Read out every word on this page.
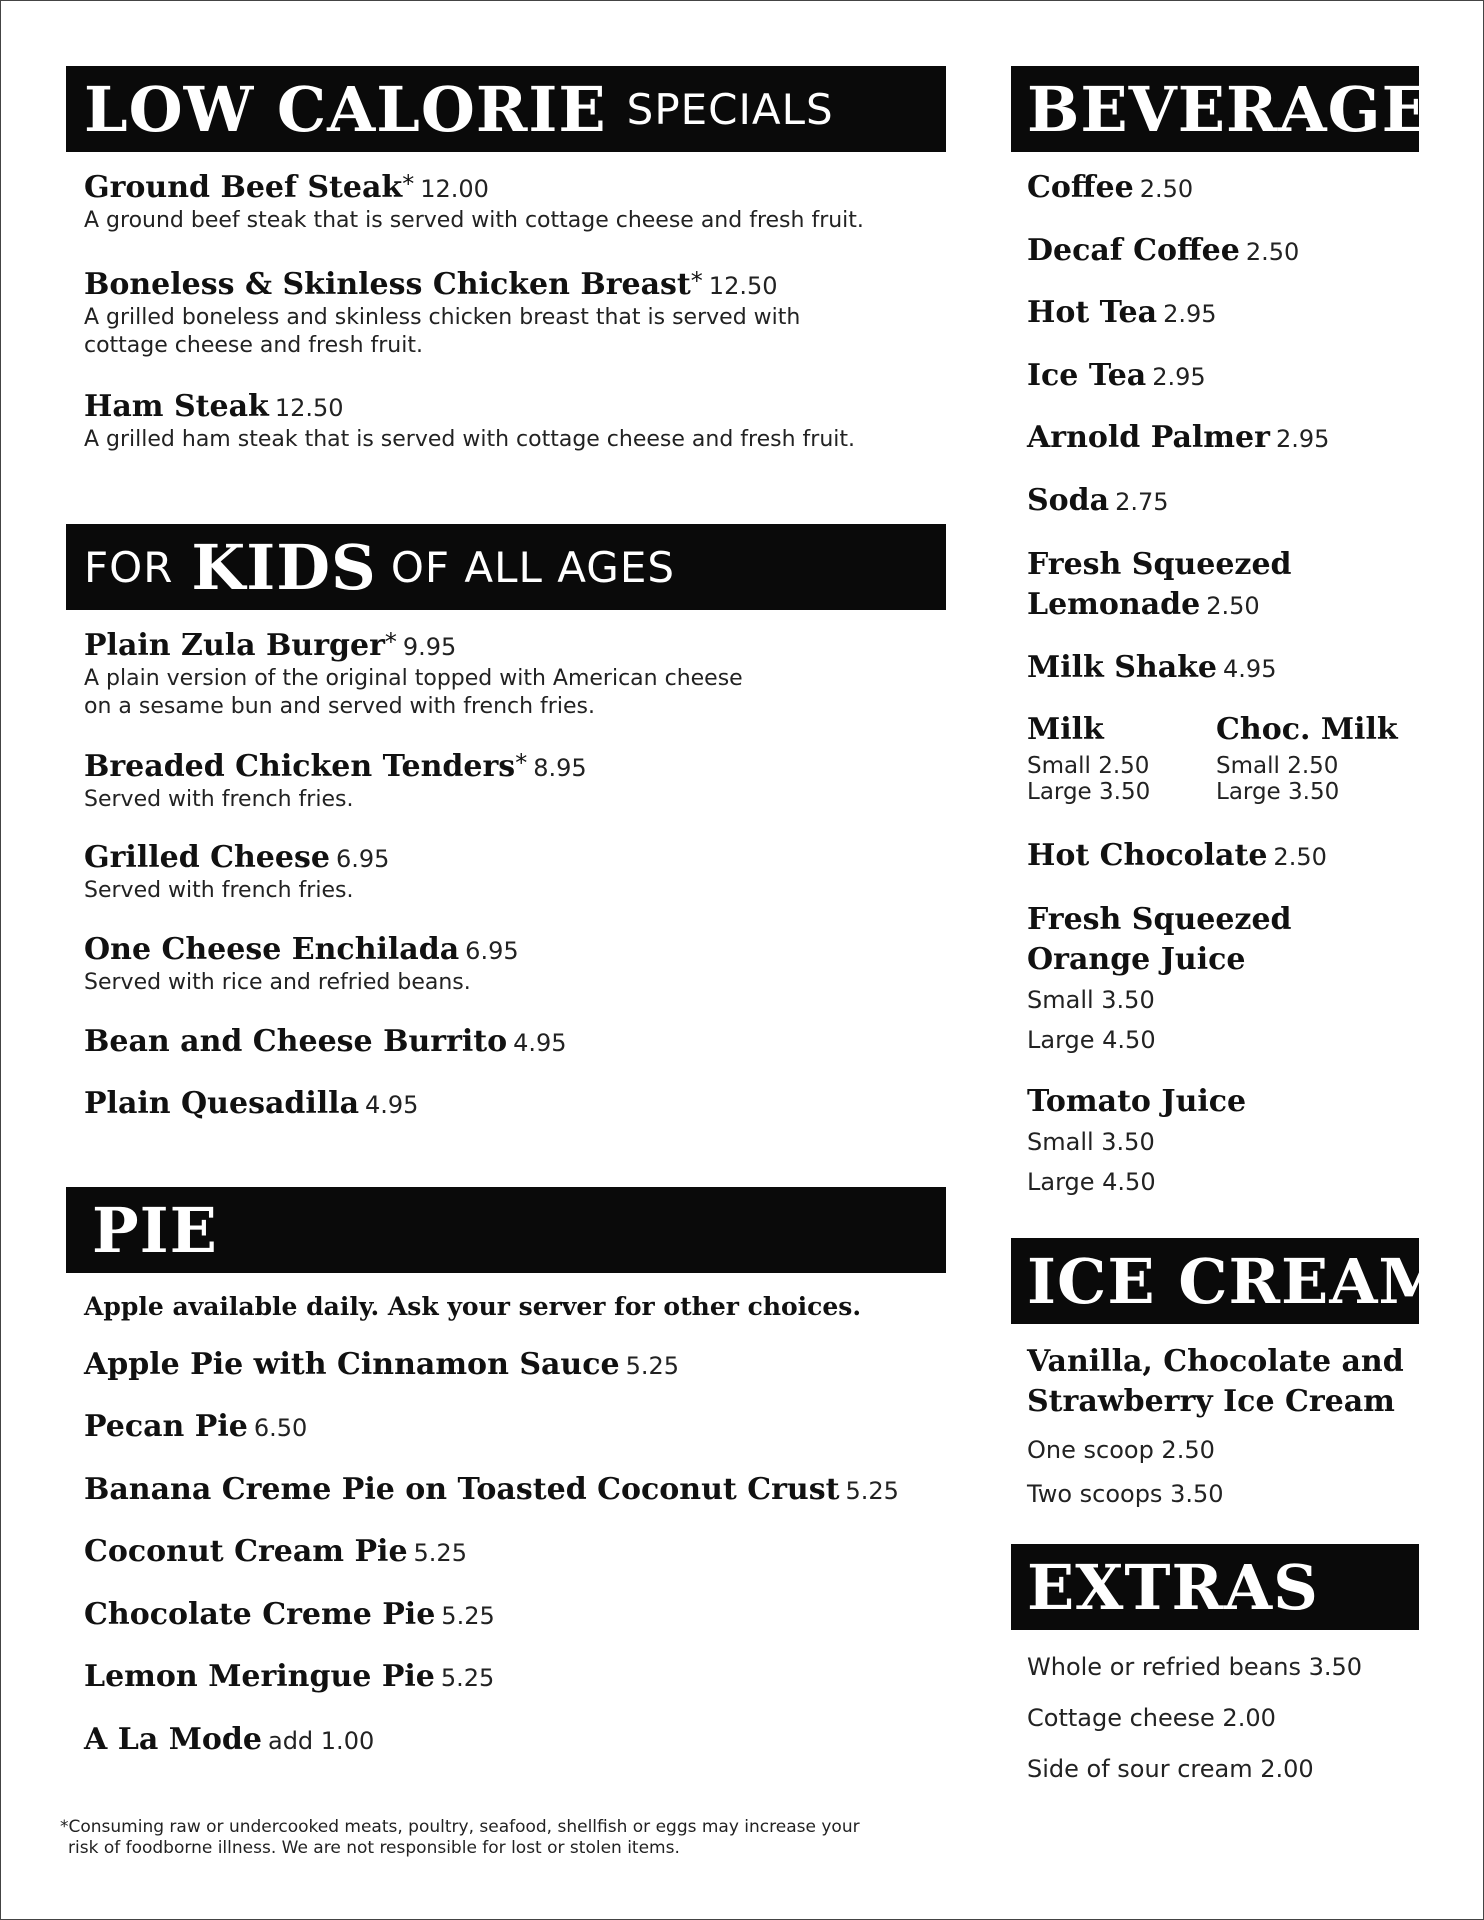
LOW CALORIE SPECIALS
Ground Beef Steak* 12.00
A ground beef steak that is served with cottage cheese and fresh fruit.
Boneless & Skinless Chicken Breast* 12.50
A grilled boneless and skinless chicken breast that is served with
cottage cheese and fresh fruit.
Ham Steak 12.50
A grilled ham steak that is served with cottage cheese and fresh fruit.
FOR KIDS OF ALL AGES
Plain Zula Burger* 9.95
A plain version of the original topped with American cheese
on a sesame bun and served with french fries.
Breaded Chicken Tenders* 8.95
Served with french fries.
Grilled Cheese 6.95
Served with french fries.
One Cheese Enchilada 6.95
Served with rice and refried beans.
Bean and Cheese Burrito 4.95
Plain Quesadilla 4.95
PIE
Apple available daily. Ask your server for other choices.
Apple Pie with Cinnamon Sauce 5.25
Pecan Pie 6.50
Banana Creme Pie on Toasted Coconut Crust 5.25
Coconut Cream Pie 5.25
Chocolate Creme Pie 5.25
Lemon Meringue Pie 5.25
A La Mode add 1.00
BEVERAGES
Coffee 2.50
Decaf Coffee 2.50
Hot Tea 2.95
Ice Tea 2.95
Arnold Palmer 2.95
Soda 2.75
Fresh Squeezed
Lemonade 2.50
Milk Shake 4.95
Milk
Small 2.50
Large 3.50
Choc. Milk
Small 2.50
Large 3.50
Hot Chocolate 2.50
Fresh Squeezed
Orange Juice
Small 3.50
Large 4.50
Tomato Juice
Small 3.50
Large 4.50
ICE CREAM
Vanilla, Chocolate and
Strawberry Ice Cream
One scoop 2.50
Two scoops 3.50
EXTRAS
Whole or refried beans 3.50
Cottage cheese 2.00
Side of sour cream 2.00
*Consuming raw or undercooked meats, poultry, seafood, shellfish or eggs may increase your
risk of foodborne illness. We are not responsible for lost or stolen items.
